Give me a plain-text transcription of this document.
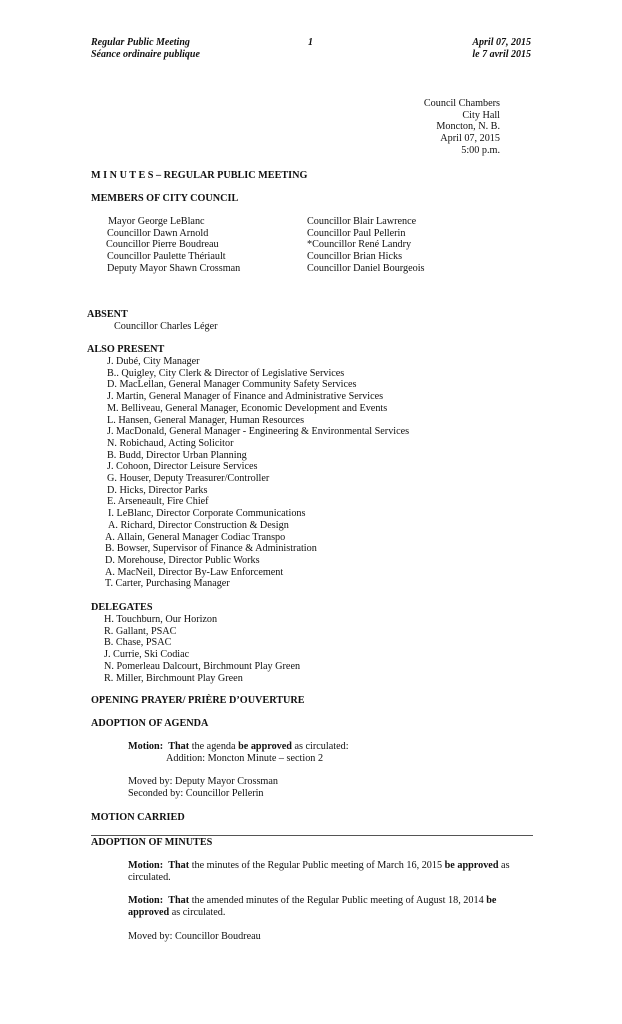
Regular Public Meeting
Séance ordinaire publique
1	April 07, 2015
le 7 avril 2015
Council Chambers
City Hall
Moncton, N. B.
April 07, 2015
5:00 p.m.
M I N U T E S – REGULAR PUBLIC MEETING
MEMBERS OF CITY COUNCIL
Mayor George LeBlanc
Councillor Dawn Arnold
Councillor Pierre Boudreau
Councillor Paulette Thériault
Deputy Mayor Shawn Crossman
Councillor Blair Lawrence
Councillor Paul Pellerin
*Councillor René Landry
Councillor Brian Hicks
Councillor Daniel Bourgeois
ABSENT
Councillor Charles Léger
ALSO PRESENT
J. Dubé, City Manager
B.. Quigley, City Clerk & Director of Legislative Services
D. MacLellan, General Manager Community Safety Services
J. Martin, General Manager of Finance and Administrative Services
M. Belliveau, General Manager, Economic Development and Events
L. Hansen, General Manager, Human Resources
J. MacDonald, General Manager - Engineering & Environmental Services
N. Robichaud, Acting Solicitor
B. Budd, Director Urban Planning
J. Cohoon, Director Leisure Services
G. Houser, Deputy Treasurer/Controller
D. Hicks, Director Parks
E. Arseneault, Fire Chief
I. LeBlanc, Director Corporate Communications
A. Richard, Director Construction & Design
A. Allain, General Manager Codiac Transpo
B. Bowser, Supervisor of Finance & Administration
D. Morehouse, Director Public Works
A. MacNeil, Director By-Law Enforcement
T. Carter, Purchasing Manager
DELEGATES
H. Touchburn, Our Horizon
R. Gallant, PSAC
B. Chase, PSAC
J. Currie, Ski Codiac
N. Pomerleau Dalcourt, Birchmount Play Green
R. Miller, Birchmount Play Green
OPENING PRAYER/ PRIÈRE D’OUVERTURE
ADOPTION OF AGENDA
Motion: That the agenda be approved as circulated:
Addition: Moncton Minute – section 2
Moved by: Deputy Mayor Crossman
Seconded by: Councillor Pellerin
MOTION CARRIED
ADOPTION OF MINUTES
Motion: That the minutes of the Regular Public meeting of March 16, 2015 be approved as circulated.
Motion: That the amended minutes of the Regular Public meeting of August 18, 2014 be approved as circulated.
Moved by: Councillor Boudreau
